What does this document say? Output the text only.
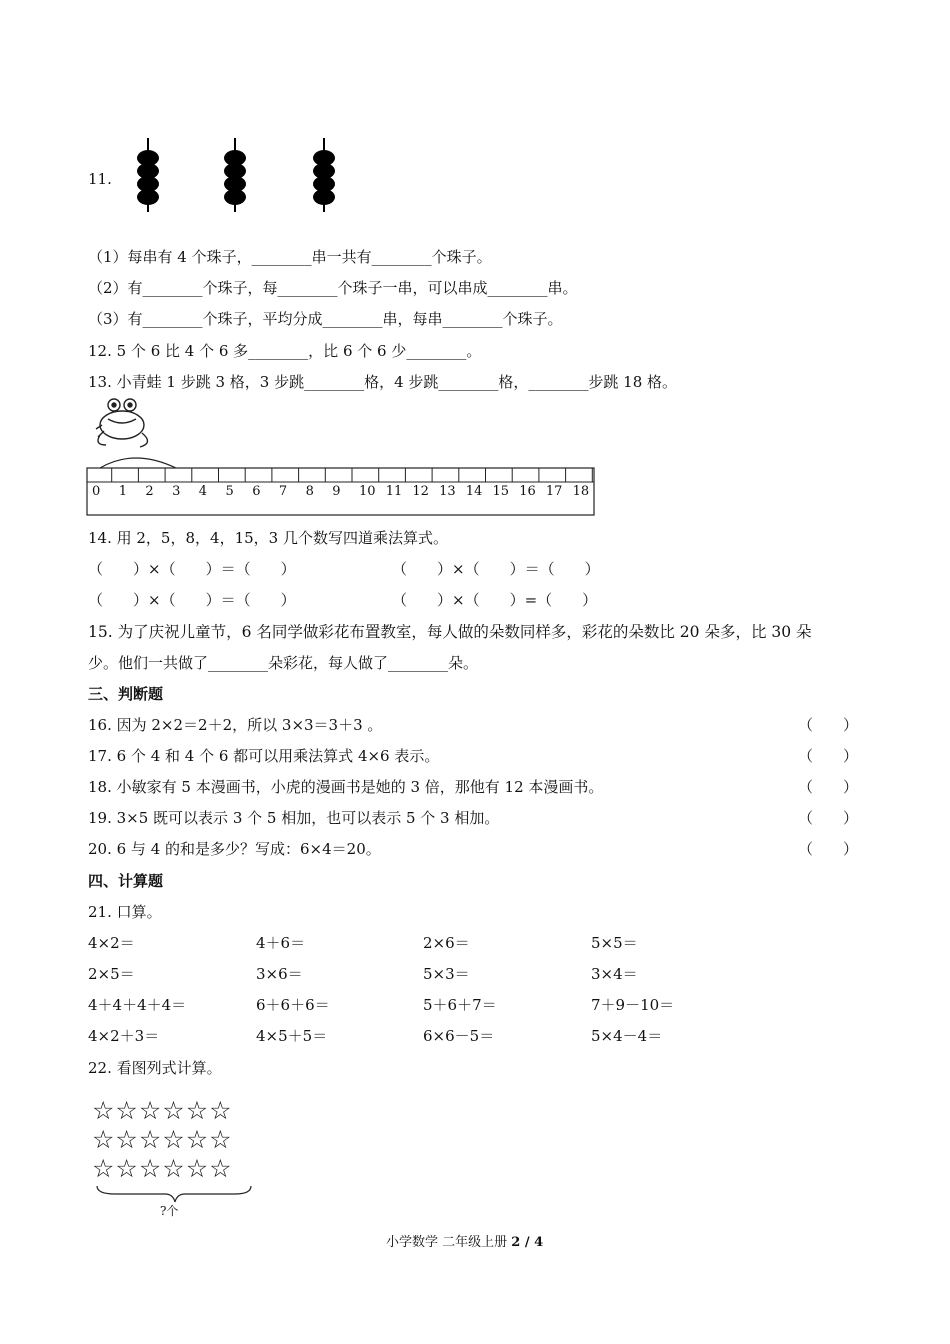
11.
（1）每串有 4 个珠子，________串一共有________个珠子。
（2）有________个珠子，每________个珠子一串，可以串成________串。
（3）有________个珠子，平均分成________串，每串________个珠子。
12. 5 个 6 比 4 个 6 多________，比 6 个 6 少________。
13. 小青蛙 1 步跳 3 格，3 步跳________格，4 步跳________格，________步跳 18 格。
0 1 2 3 4 5 6 7 8 9 10 11 12 13 14 15 16 17 18
14. 用 2，5，8，4，15，3 几个数写四道乘法算式。
（　　）×（　　）＝（　　）	（　　）×（　　）＝（　　）
（　　）×（　　）＝（　　）	（　　）×（　　）=（　　）
15. 为了庆祝儿童节，6 名同学做彩花布置教室，每人做的朵数同样多，彩花的朵数比 20 朵多，比 30 朵
少。他们一共做了________朵彩花，每人做了________朵。
三、判断题
16. 因为 2×2＝2＋2，所以 3×3＝3＋3 。	（　　）
17. 6 个 4 和 4 个 6 都可以用乘法算式 4×6 表示。	（　　）
18. 小敏家有 5 本漫画书，小虎的漫画书是她的 3 倍，那他有 12 本漫画书。	（　　）
19. 3×5 既可以表示 3 个 5 相加，也可以表示 5 个 3 相加。	（　　）
20. 6 与 4 的和是多少？写成：6×4＝20。	（　　）
四、计算题
21. 口算。
4×2＝	4＋6＝	2×6＝	5×5＝
2×5＝	3×6＝	5×3＝	3×4＝
4＋4＋4＋4＝	6＋6＋6＝	5＋6＋7＝	7＋9－10＝
4×2＋3＝	4×5＋5＝	6×6－5＝	5×4－4＝
22. 看图列式计算。
☆☆☆☆☆☆
☆☆☆☆☆☆
☆☆☆☆☆☆
?个
小学数学 二年级上册 2 / 4
